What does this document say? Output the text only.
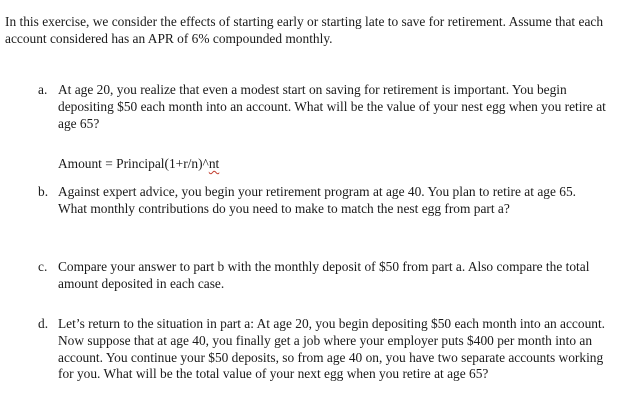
In this exercise, we consider the effects of starting early or starting late to save for retirement. Assume that each account considered has an APR of 6% compounded monthly.
a. At age 20, you realize that even a modest start on saving for retirement is important. You begin depositing $50 each month into an account. What will be the value of your nest egg when you retire at age 65?
Amount = Principal(1+r/n)^nt
b. Against expert advice, you begin your retirement program at age 40. You plan to retire at age 65. What monthly contributions do you need to make to match the nest egg from part a?
c. Compare your answer to part b with the monthly deposit of $50 from part a. Also compare the total amount deposited in each case.
d. Let’s return to the situation in part a: At age 20, you begin depositing $50 each month into an account. Now suppose that at age 40, you finally get a job where your employer puts $400 per month into an account. You continue your $50 deposits, so from age 40 on, you have two separate accounts working for you. What will be the total value of your next egg when you retire at age 65?
